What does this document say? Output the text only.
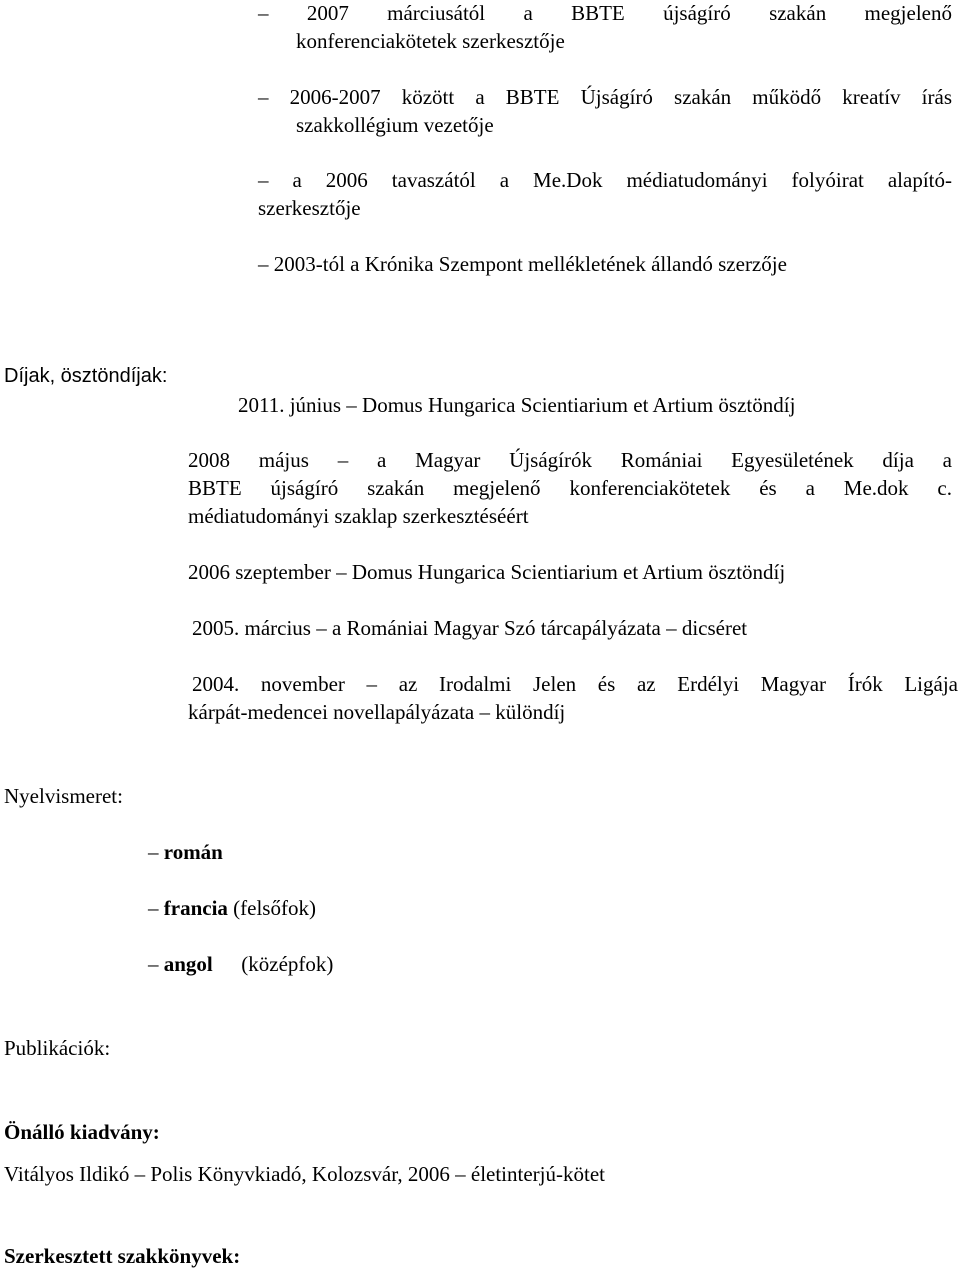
– 2007 márciusától a BBTE újságíró szakán megjelenő
konferenciakötetek szerkesztője
– 2006-2007 között a BBTE Újságíró szakán működő kreatív írás
szakkollégium vezetője
– a 2006 tavaszától a Me.Dok médiatudományi folyóirat alapító-
szerkesztője
– 2003-tól a Krónika Szempont mellékletének állandó szerzője
Díjak, ösztöndíjak:
2011. június – Domus Hungarica Scientiarium et Artium ösztöndíj
2008 május – a Magyar Újságírók Romániai Egyesületének díja a
BBTE újságíró szakán megjelenő konferenciakötetek és a Me.dok c.
médiatudományi szaklap szerkesztéséért
2006 szeptember – Domus Hungarica Scientiarium et Artium ösztöndíj
2005. március – a Romániai Magyar Szó tárcapályázata – dicséret
2004. november – az Irodalmi Jelen és az Erdélyi Magyar Írók Ligája
kárpát-medencei novellapályázata – különdíj
Nyelvismeret:
– román
– francia (felsőfok)
– angol (középfok)
Publikációk:
Önálló kiadvány:
Vitályos Ildikó – Polis Könyvkiadó, Kolozsvár, 2006 – életinterjú-kötet
Szerkesztett szakkönyvek:
